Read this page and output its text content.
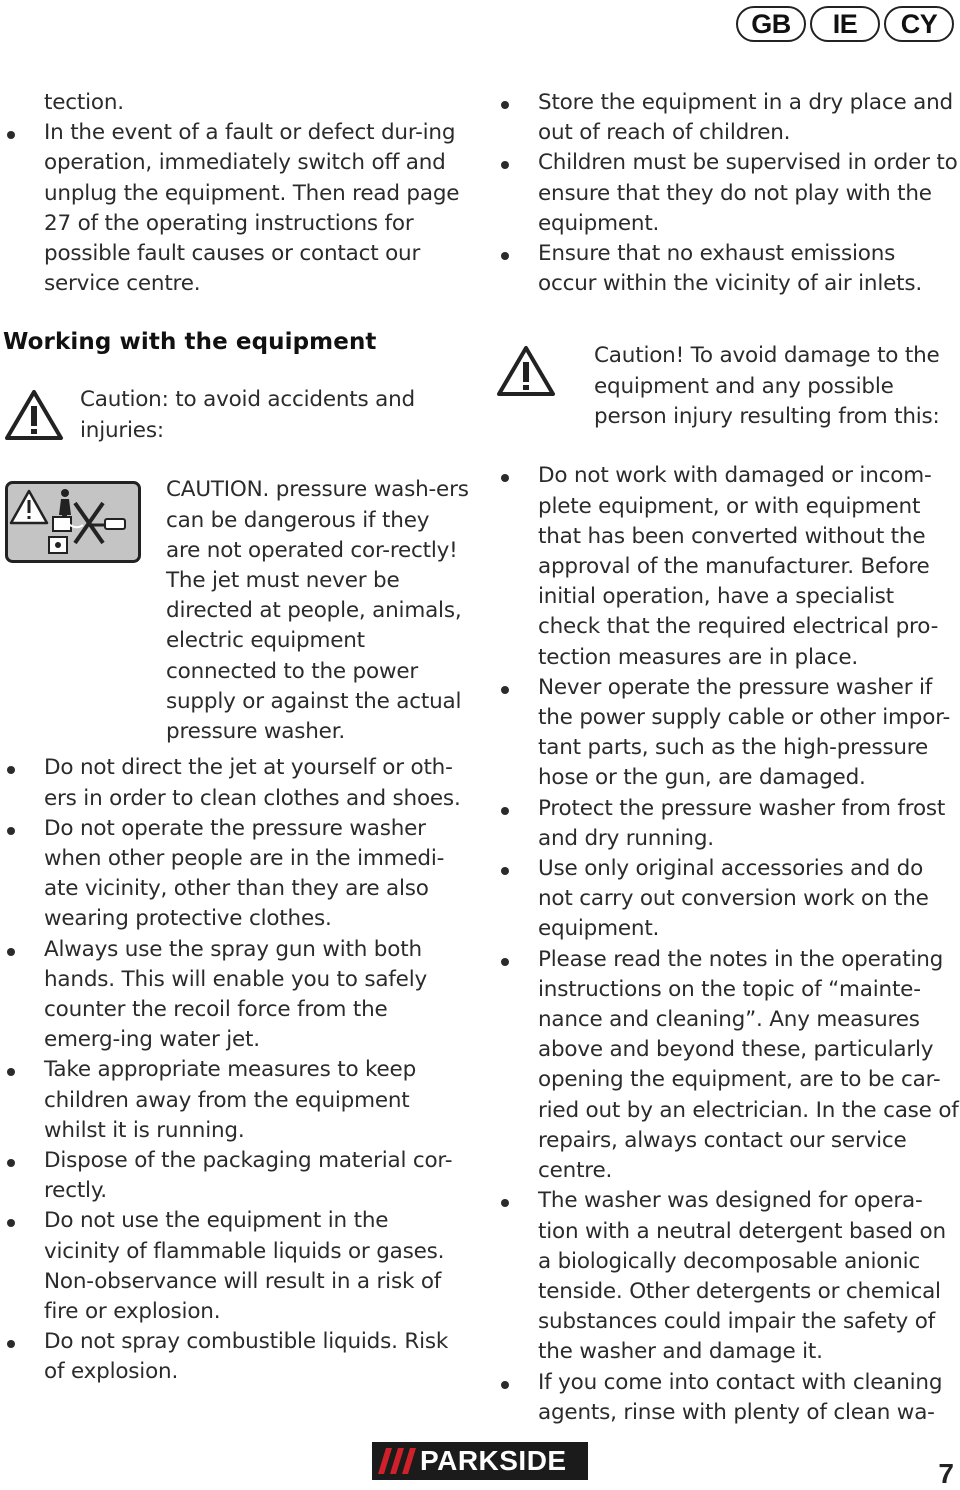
GB	IE	CY

tection.

In the event of a fault or defect dur-ing operation, immediately switch off and unplug the equipment. Then read page 27 of the operating instructions for possible fault causes or contact our service centre.
Working with the equipment

Caution: to avoid accidents and injuries:

CAUTION. pressure wash-ers can be dangerous if they are not operated cor-rectly! The jet must never be directed at people, animals, electric equipment connected to the power supply or against the actual pressure washer.

Do not direct the jet at yourself or oth-ers in order to clean clothes and shoes.
Do not operate the pressure washer when other people are in the immedi-ate vicinity, other than they are also wearing protective clothes.
Always use the spray gun with both hands. This will enable you to safely counter the recoil force from the emerg-ing water jet.
Take appropriate measures to keep children away from the equipment whilst it is running.
Dispose of the packaging material cor-rectly.
Do not use the equipment in the vicinity of flammable liquids or gases. Non-observance will result in a risk of fire or explosion.
Do not spray combustible liquids. Risk of explosion.
Store the equipment in a dry place and out of reach of children.
Children must be supervised in order to ensure that they do not play with the equipment.
Ensure that no exhaust emissions occur within the vicinity of air inlets.

Caution! To avoid damage to the equipment and any possible person injury resulting from this:

Do not work with damaged or incom-plete equipment, or with equipment that has been converted without the approval of the manufacturer. Before initial operation, have a specialist check that the required electrical pro-tection measures are in place.
Never operate the pressure washer if the power supply cable or other impor-tant parts, such as the high-pressure hose or the gun, are damaged.
Protect the pressure washer from frost and dry running.
Use only original accessories and do not carry out conversion work on the equipment.
Please read the notes in the operating instructions on the topic of “mainte-nance and cleaning”. Any measures above and beyond these, particularly opening the equipment, are to be car-ried out by an electrician. In the case of repairs, always contact our service centre.
The washer was designed for opera-tion with a neutral detergent based on a biologically decomposable anionic tenside. Other detergents or chemical substances could impair the safety of the washer and damage it.
If you come into contact with cleaning agents, rinse with plenty of clean wa-
PARKSIDE	7
